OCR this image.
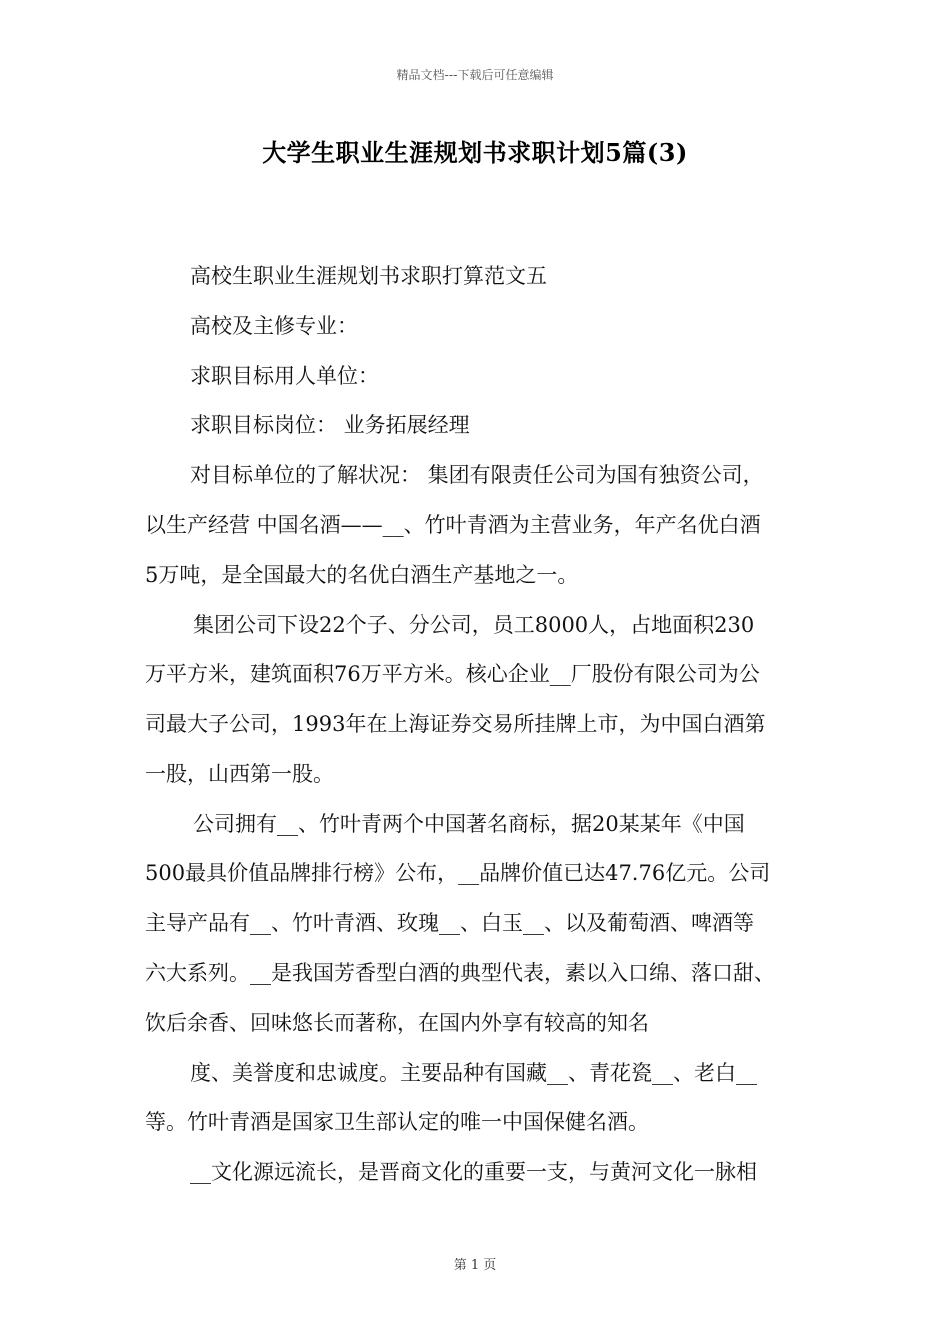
精品文档---下载后可任意编辑
大学生职业生涯规划书求职计划5篇(3)
高校生职业生涯规划书求职打算范文五
高校及主修专业：
求职目标用人单位：
求职目标岗位： 业务拓展经理
对目标单位的了解状况： 集团有限责任公司为国有独资公司，
以生产经营 中国名酒——__、竹叶青酒为主营业务，年产名优白酒
5万吨，是全国最大的名优白酒生产基地之一。
集团公司下设22个子、分公司，员工8000人，占地面积230
万平方米，建筑面积76万平方米。核心企业__厂股份有限公司为公
司最大子公司，1993年在上海证券交易所挂牌上市，为中国白酒第
一股，山西第一股。
公司拥有__、竹叶青两个中国著名商标，据20某某年《中国
500最具价值品牌排行榜》公布，__品牌价值已达47.76亿元。公司
主导产品有__、竹叶青酒、玫瑰__、白玉__、以及葡萄酒、啤酒等
六大系列。__是我国芳香型白酒的典型代表，素以入口绵、落口甜、
饮后余香、回味悠长而著称，在国内外享有较高的知名
度、美誉度和忠诚度。主要品种有国藏__、青花瓷__、老白__
等。竹叶青酒是国家卫生部认定的唯一中国保健名酒。
__文化源远流长，是晋商文化的重要一支，与黄河文化一脉相
第 1 页
